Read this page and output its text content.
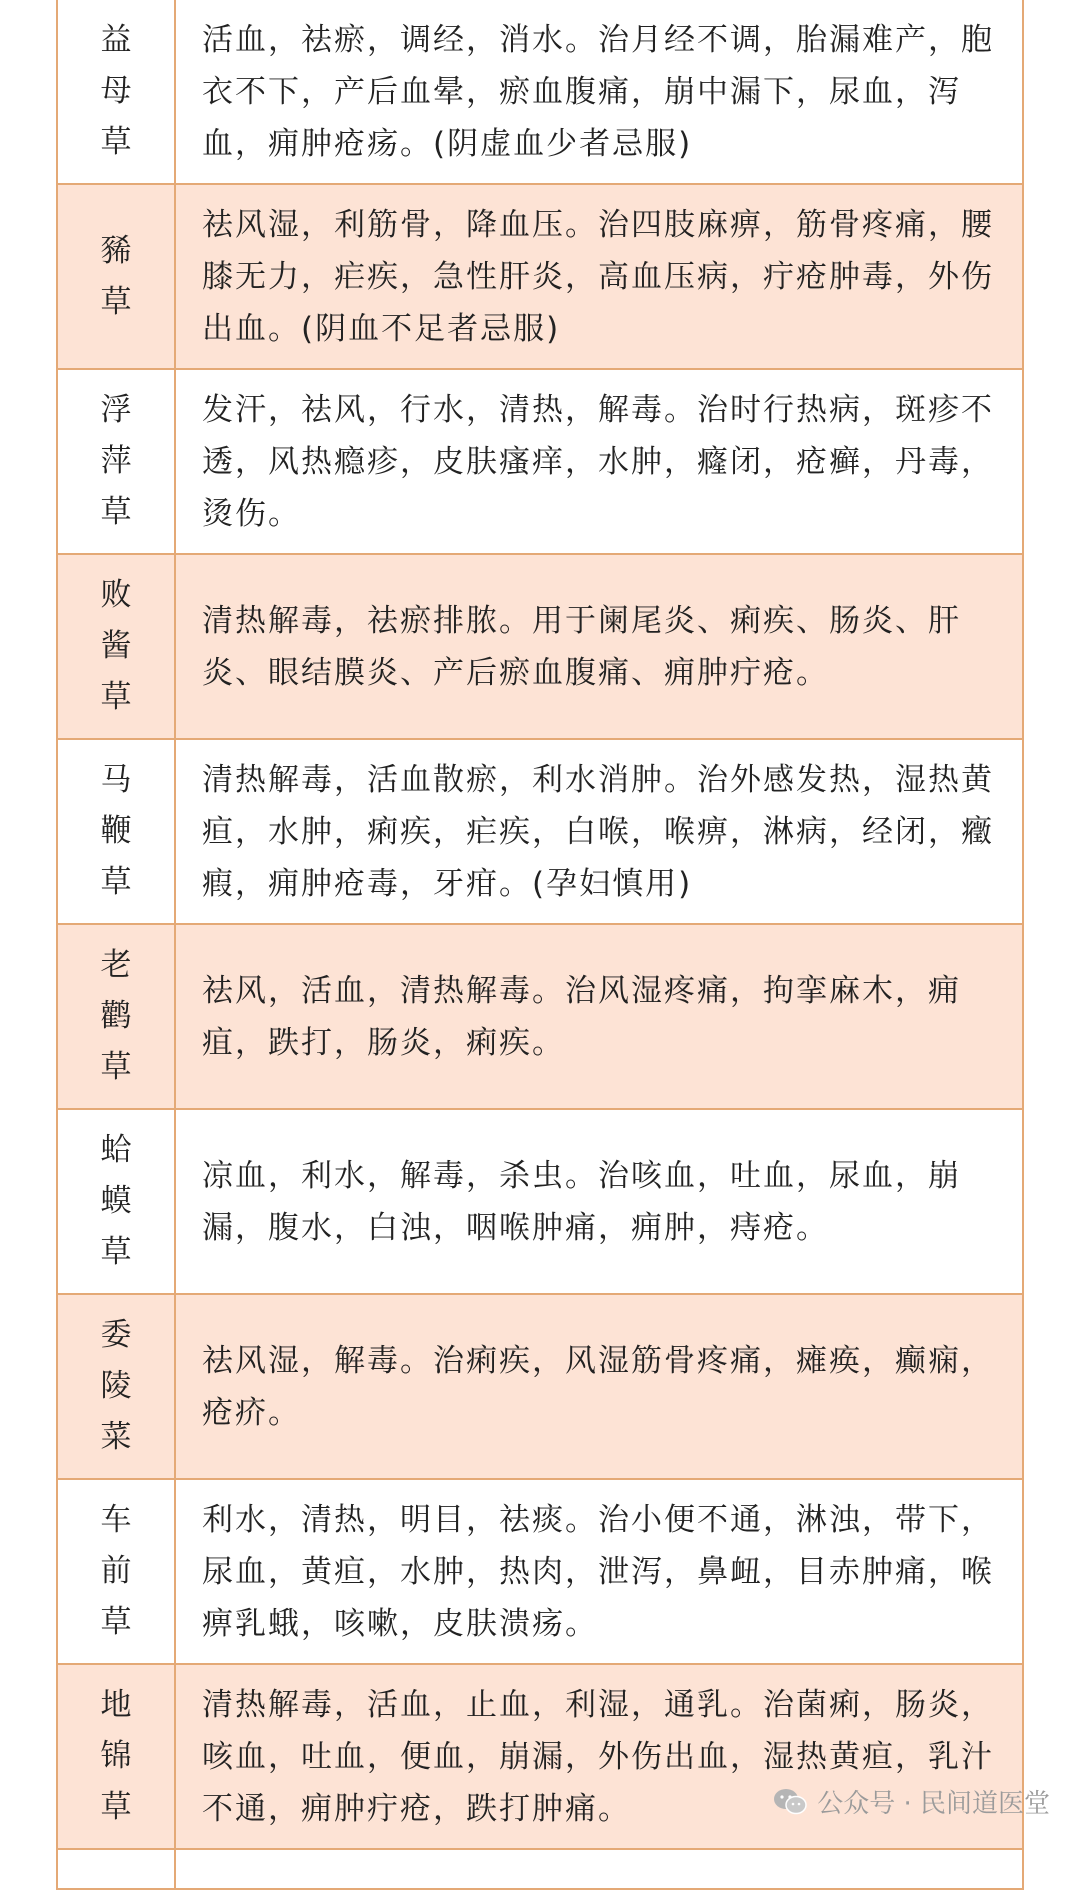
益
母
草
活血，祛瘀，调经，消水。治月经不调，胎漏难产，胞衣不下，产后血晕，瘀血腹痛，崩中漏下，尿血，泻血，痈肿疮疡。(阴虚血少者忌服)
豨
草
祛风湿，利筋骨，降血压。治四肢麻痹，筋骨疼痛，腰膝无力，疟疾，急性肝炎，高血压病，疔疮肿毒，外伤出血。(阴血不足者忌服)
浮
萍
草
发汗，祛风，行水，清热，解毒。治时行热病，斑疹不透，风热瘾疹，皮肤瘙痒，水肿，癃闭，疮癣，丹毒，烫伤。
败
酱
草
清热解毒，祛瘀排脓。用于阑尾炎、痢疾、肠炎、肝炎、眼结膜炎、产后瘀血腹痛、痈肿疔疮。
马
鞭
草
清热解毒，活血散瘀，利水消肿。治外感发热，湿热黄疸，水肿，痢疾，疟疾，白喉，喉痹，淋病，经闭，癥瘕，痈肿疮毒，牙疳。(孕妇慎用)
老
鹳
草
祛风，活血，清热解毒。治风湿疼痛，拘挛麻木，痈疽，跌打，肠炎，痢疾。
蛤
蟆
草
凉血，利水，解毒，杀虫。治咳血，吐血，尿血，崩漏，腹水，白浊，咽喉肿痛，痈肿，痔疮。
委
陵
菜
祛风湿，解毒。治痢疾，风湿筋骨疼痛，瘫痪，癫痫，疮疥。
车
前
草
利水，清热，明目，祛痰。治小便不通，淋浊，带下，尿血，黄疸，水肿，热肉，泄泻，鼻衄，目赤肿痛，喉痹乳蛾，咳嗽，皮肤溃疡。
地
锦
草
清热解毒，活血，止血，利湿，通乳。治菌痢，肠炎，咳血，吐血，便血，崩漏，外伤出血，湿热黄疸，乳汁不通，痈肿疔疮，跌打肿痛。	公众号 · 民间道医堂
